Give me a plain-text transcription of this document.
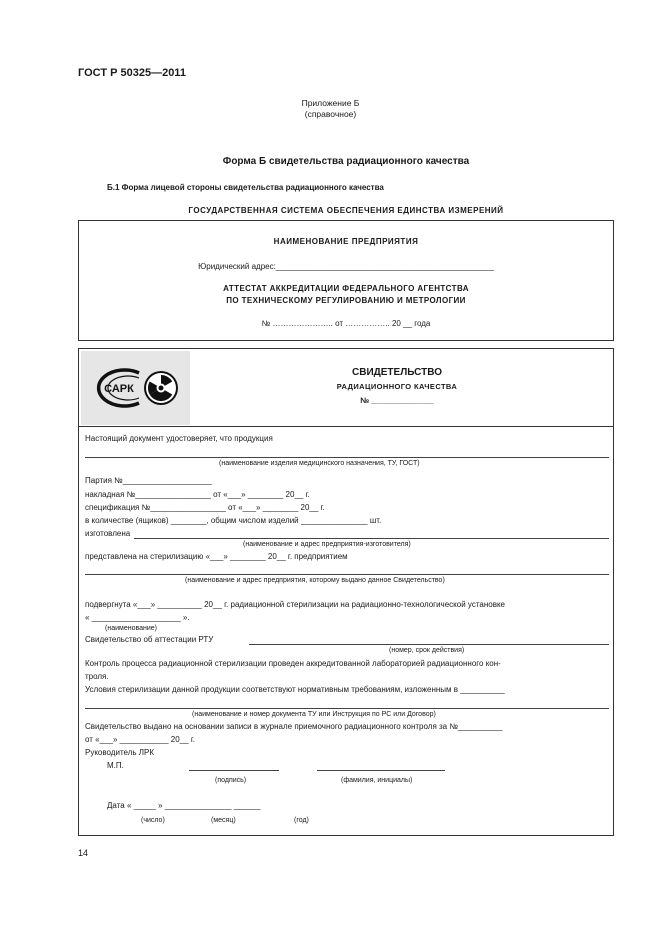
ГОСТ Р 50325—2011
Приложение Б
(справочное)
Форма Б свидетельства радиационного качества
Б.1 Форма лицевой стороны свидетельства радиационного качества
ГОСУДАРСТВЕННАЯ СИСТЕМА ОБЕСПЕЧЕНИЯ ЕДИНСТВА ИЗМЕРЕНИЙ
НАИМЕНОВАНИЕ ПРЕДПРИЯТИЯ
Юридический адрес:_________________________________________________
АТТЕСТАТ АККРЕДИТАЦИИ ФЕДЕРАЛЬНОГО АГЕНТСТВА
ПО ТЕХНИЧЕСКОМУ РЕГУЛИРОВАНИЮ И МЕТРОЛОГИИ
№ ………………….. от …………….. 20 __ года
САРК
СВИДЕТЕЛЬСТВО
РАДИАЦИОННОГО КАЧЕСТВА
№ ______________
Настоящий документ удостоверяет, что продукция
(наименование изделия медицинского назначения, ТУ, ГОСТ)
Партия №____________________
накладная №_________________ от «___» ________ 20__ г.
спецификация №_________________ от «___» ________ 20__ г.
в количестве (ящиков) ________, общим числом изделий _______________ шт.
изготовлена
(наименование и адрес предприятия-изготовителя)
представлена на стерилизацию «___» ________ 20__ г. предприятием
(наименование и адрес предприятия, которому выдано данное Свидетельство)
подвергнута «___» __________ 20__ г. радиационной стерилизации на радиационно-технологической установке
« ____________________ ».
(наименование)
Свидетельство об аттестации РТУ
(номер, срок действия)
Контроль процесса радиационной стерилизации проведен аккредитованной лабораторией радиационного кон-
троля.
Условия стерилизации данной продукции соответствуют нормативным требованиям, изложенным в __________
(наименование и номер документа ТУ или Инструкция по РС или Договор)
Свидетельство выдано на основании записи в журнале приемочного радиационного контроля за №__________
от «___» ___________ 20__ г.
Руководитель ЛРК
М.П.
(подпись)	(фамилия, инициалы)
Дата « _____ » _______________ ______
(число)	(месяц)	(год)
14
